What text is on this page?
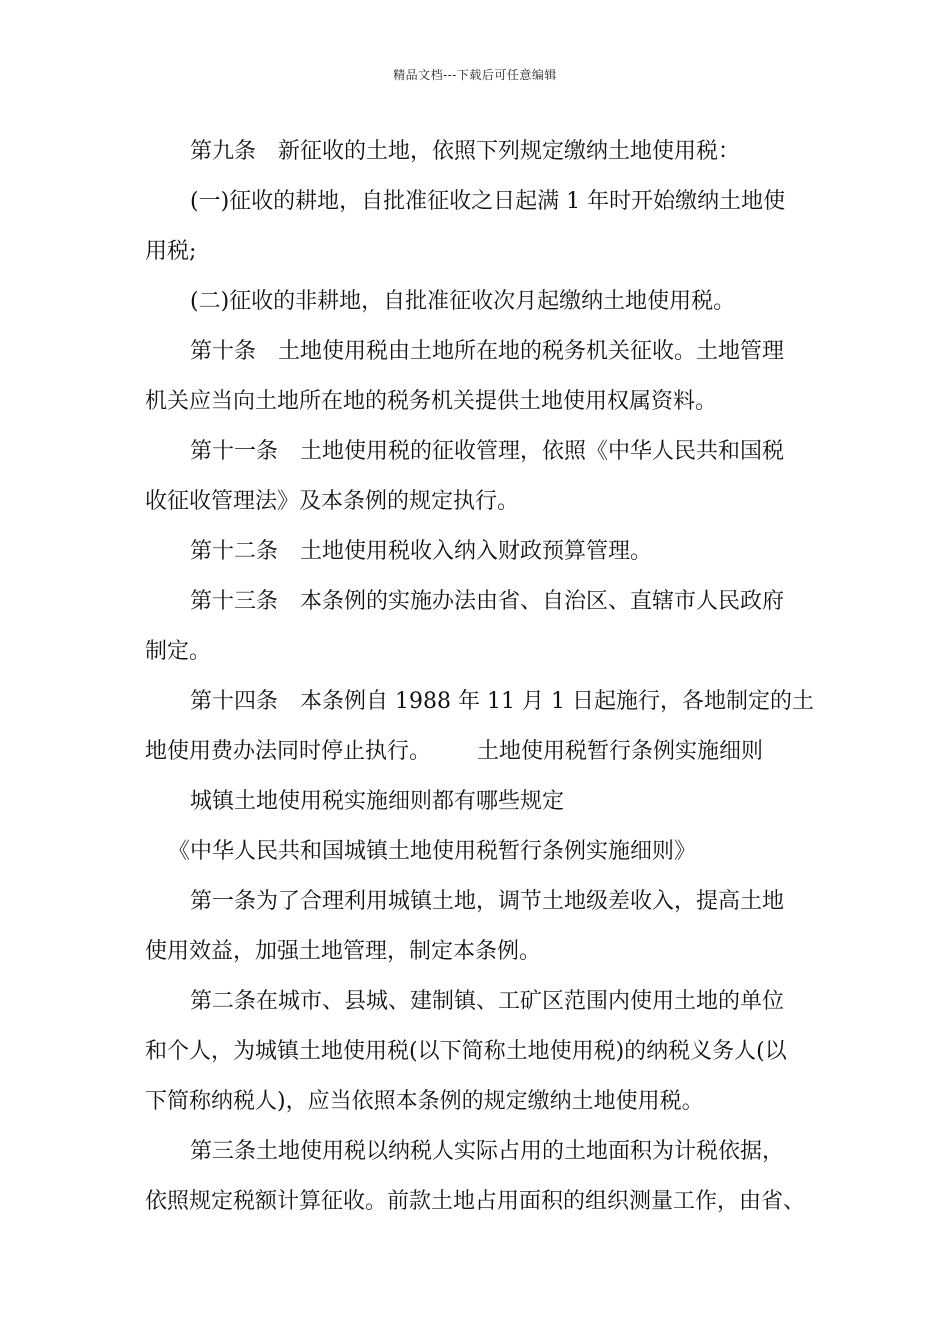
精品文档---下载后可任意编辑
第九条 新征收的土地，依照下列规定缴纳土地使用税：
(一)征收的耕地，自批准征收之日起满 1 年时开始缴纳土地使
用税;
(二)征收的非耕地，自批准征收次月起缴纳土地使用税。
第十条 土地使用税由土地所在地的税务机关征收。土地管理
机关应当向土地所在地的税务机关提供土地使用权属资料。
第十一条 土地使用税的征收管理，依照《中华人民共和国税
收征收管理法》及本条例的规定执行。
第十二条 土地使用税收入纳入财政预算管理。
第十三条 本条例的实施办法由省、自治区、直辖市人民政府
制定。
第十四条 本条例自 1988 年 11 月 1 日起施行，各地制定的土
地使用费办法同时停止执行。 土地使用税暂行条例实施细则
城镇土地使用税实施细则都有哪些规定
《中华人民共和国城镇土地使用税暂行条例实施细则》
第一条为了合理利用城镇土地，调节土地级差收入，提高土地
使用效益，加强土地管理，制定本条例。
第二条在城市、县城、建制镇、工矿区范围内使用土地的单位
和个人，为城镇土地使用税(以下简称土地使用税)的纳税义务人(以
下简称纳税人)，应当依照本条例的规定缴纳土地使用税。
第三条土地使用税以纳税人实际占用的土地面积为计税依据，
依照规定税额计算征收。前款土地占用面积的组织测量工作，由省、
